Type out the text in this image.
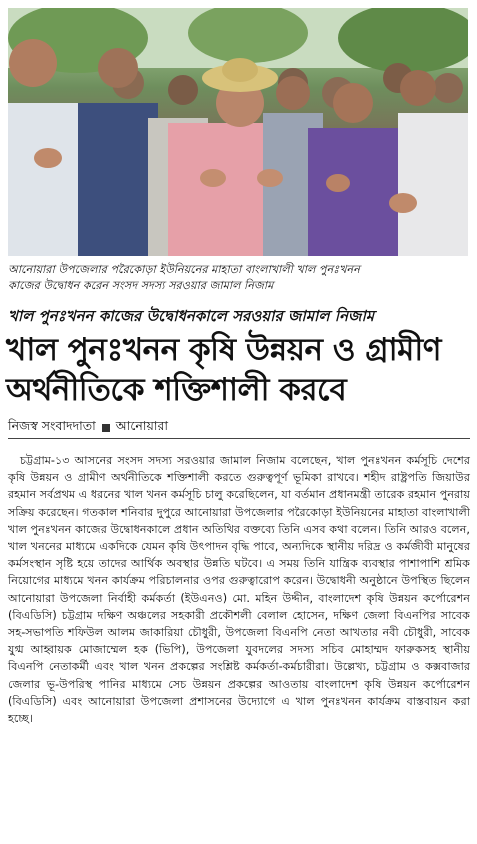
আনোয়ারা উপজেলার পরৈকোড়া ইউনিয়নের মাহাতা বাংলাখালী খাল পুনঃখনন
কাজের উদ্বোধন করেন সংসদ সদস্য সরওয়ার জামাল নিজাম
খাল পুনঃখনন কাজের উদ্বোধনকালে সরওয়ার জামাল নিজাম
খাল পুনঃখনন কৃষি উন্নয়ন ও গ্রামীণ
অর্থনীতিকে শক্তিশালী করবে
নিজস্ব সংবাদদাতা আনোয়ারা
চট্টগ্রাম-১৩ আসনের সংসদ সদস্য সরওয়ার জামাল নিজাম বলেছেন, খাল পুনঃখনন কর্মসূচি দেশের কৃষি উন্নয়ন ও গ্রামীণ অর্থনীতিকে শক্তিশালী করতে গুরুত্বপূর্ণ ভূমিকা রাখবে। শহীদ রাষ্ট্রপতি জিয়াউর রহমান সর্বপ্রথম এ ধরনের খাল খনন কর্মসূচি চালু করেছিলেন, যা বর্তমান প্রধানমন্ত্রী তারেক রহমান পুনরায় সক্রিয় করেছেন। গতকাল শনিবার দুপুরে আনোয়ারা উপজেলার পরৈকোড়া ইউনিয়নের মাহাতা বাংলাখালী খাল পুনঃখনন কাজের উদ্বোধনকালে প্রধান অতিথির বক্তব্যে তিনি এসব কথা বলেন। তিনি আরও বলেন, খাল খননের মাধ্যমে একদিকে যেমন কৃষি উৎপাদন বৃদ্ধি পাবে, অন্যদিকে স্থানীয় দরিদ্র ও কর্মজীবী মানুষের কর্মসংস্থান সৃষ্টি হয়ে তাদের আর্থিক অবস্থার উন্নতি ঘটবে। এ সময় তিনি যান্ত্রিক ব্যবস্থার পাশাপাশি শ্রমিক নিয়োগের মাধ্যমে খনন কার্যক্রম পরিচালনার ওপর গুরুত্বারোপ করেন। উদ্বোধনী অনুষ্ঠানে উপস্থিত ছিলেন আনোয়ারা উপজেলা নির্বাহী কর্মকর্তা (ইউএনও) মো. মহিন উদ্দীন, বাংলাদেশ কৃষি উন্নয়ন কর্পোরেশন (বিএডিসি) চট্টগ্রাম দক্ষিণ অঞ্চলের সহকারী প্রকৌশলী বেলাল হোসেন, দক্ষিণ জেলা বিএনপির সাবেক সহ-সভাপতি শফিউল আলম জাকারিয়া চৌধুরী, উপজেলা বিএনপি নেতা আখতার নবী চৌধুরী, সাবেক যুগ্ম আহ্বায়ক মোজাম্মেল হক (ভিপি), উপজেলা যুবদলের সদস্য সচিব মোহাম্মদ ফারুকসহ স্থানীয় বিএনপি নেতাকর্মী এবং খাল খনন প্রকল্পের সংশ্লিষ্ট কর্মকর্তা-কর্মচারীরা। উল্লেখ্য, চট্টগ্রাম ও কক্সবাজার জেলার ভূ-উপরিস্থ পানির মাধ্যমে সেচ উন্নয়ন প্রকল্পের আওতায় বাংলাদেশ কৃষি উন্নয়ন কর্পোরেশন (বিএডিসি) এবং আনোয়ারা উপজেলা প্রশাসনের উদ্যোগে এ খাল পুনঃখনন কার্যক্রম বাস্তবায়ন করা হচ্ছে।
